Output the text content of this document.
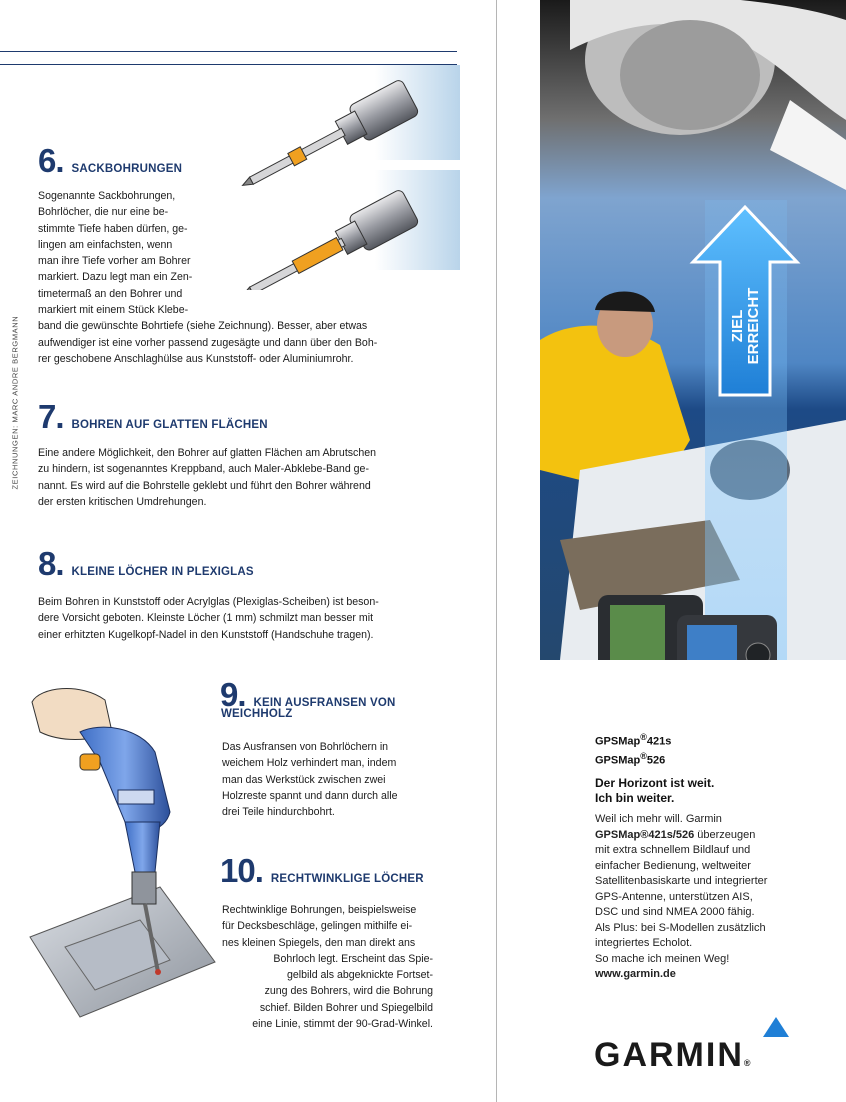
ZEICHNUNGEN: MARC ANDRE BERGMANN
6 . SACKBOHRUNGEN

Sogenannte Sackbohrungen,

Bohrlöcher, die nur eine be-

stimmte Tiefe haben dürfen, ge-

lingen am einfachsten, wenn

man ihre Tiefe vorher am Bohrer

markiert. Dazu legt man ein Zen-

timetermaß an den Bohrer und

markiert mit einem Stück Klebe-

band die gewünschte Bohrtiefe (siehe Zeichnung). Besser, aber etwas

aufwendiger ist eine vorher passend zugesägte und dann über den Boh-

rer geschobene Anschlaghülse aus Kunststoff- oder Aluminiumrohr.

7 . BOHREN AUF GLATTEN FLÄCHEN

Eine andere Möglichkeit, den Bohrer auf glatten Flächen am Abrutschen

zu hindern, ist sogenanntes Kreppband, auch Maler-Abklebe-Band ge-

nannt. Es wird auf die Bohrstelle geklebt und führt den Bohrer während

der ersten kritischen Umdrehungen.

8 . KLEINE LÖCHER IN PLEXIGLAS

Beim Bohren in Kunststoff oder Acrylglas (Plexiglas-Scheiben) ist beson-

dere Vorsicht geboten. Kleinste Löcher (1 mm) schmilzt man besser mit

einer erhitzten Kugelkopf-Nadel in den Kunststoff (Handschuhe tragen).

9 . KEIN AUSFRANSEN VON
WEICHHOLZ

Das Ausfransen von Bohrlöchern in

weichem Holz verhindert man, indem

man das Werkstück zwischen zwei

Holzreste spannt und dann durch alle

drei Teile hindurchbohrt.

10 . RECHTWINKLIGE LÖCHER

Rechtwinklige Bohrungen, beispielsweise

für Decksbeschläge, gelingen mithilfe ei-

nes kleinen Spiegels, den man direkt ans

Bohrloch legt. Erscheint das Spie-

gelbild als abgeknickte Fortset-

zung des Bohrers, wird die Bohrung

schief. Bilden Bohrer und Spiegelbild

eine Linie, stimmt der 90-Grad-Winkel.

ZIEL ERREICHT
GPSMap®421s
GPSMap®526
Der Horizont ist weit.
Ich bin weiter.

Weil ich mehr will. Garmin

GPSMap®421s/526 überzeugen

mit extra schnellem Bildlauf und

einfacher Bedienung, weltweiter

Satellitenbasiskarte und integrierter

GPS-Antenne, unterstützen AIS,

DSC und sind NMEA 2000 fähig.

Als Plus: bei S-Modellen zusätzlich

integriertes Echolot.

So mache ich meinen Weg!

www.garmin.de

GARMIN®
